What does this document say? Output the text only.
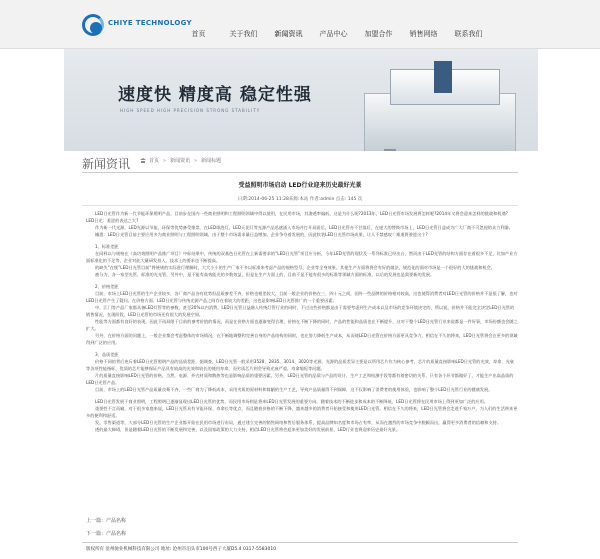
CHIYE TECHNOLOGY
首页	关于我们	新闻资讯	产品中心	加盟合作	销售网络	联系我们
速度快 精度高 稳定性强
HIGH SPEED HIGH PRECISION STRONG STABILITY
新闻资讯	首页 » 新闻资讯 » 新闻标题
受益照明市场启动 LED行业迎来历史最好光景
日期:2014-06-25 11:28来源:本站 作者:admin 点击: 145 次

LED日光管作为新一代节能环保照明产品，目前步在国内一些商业照明和工程照明领域中得以使用，在民用市场，其渗透率偏低，这是为什么呢?2013年，LED日光管市场发展将怎样呢?2014年又将会迎来怎样的挑战和机遇?

LED日光：羞涩的表达之大?

作为新一代光源，LED光源以节能、环保等优势备受推崇。在LED球泡灯，LED天花灯等光源产品迅速涌入市场并打开局面后，LED日光管亦不甘落后，在庞大的替换市场上，LED日光管日益成为广大厂商不可忽视的众力利器。

據悉：LED日光管目前主要应用多为商业照明与工程照明领域，由于整个市场需求量日益增加，企业争夺着发展的，因此软装LED日光管市场成果，让人不禁感叹！难道将驶进这个?

1、标准差距

在同样以与规格在《高功效照明产品推广项目》中标结果中，传统的双基色日光管在上新需要求的“LED日光管”项目应分析，今年LED光管的现状及一系列标准已经出台，然而由于LED光管的结构方面存在着很多不足，比如产业方面标准化的不足等，企业对此大量研发投入，技术上的要求也不断提高。

的缺失“在使”LED日光管目前“将统规的实际进行理解时，大大小小的生产厂家不多以标准来考虑产品的规格型号，企业等全身效果，其他生产方面将将会有好的做法，规范化的面对市场是一个很好的大的挑战和机会。

被分为，各一家型光管，标准的光光管，另外中，是不能有高效能光的多数效益，但是在生产方面上的，目前不是不能有很多的标准等领域方面的标准，以后的发展也是需要新的发展。

2、价格差距

目前，市场上LED日光管的生产企业较多，各厂商产品各有优势但品质参差不齐，价格也相差较大，目前一般企业的价格在三、四十元之间，国外一些品牌的价格相对较高，这也使得消费者对LED日光管的价格并不是很了解，也对LED日光管产生了疑问。在价格方面，LED日光管与传统光源产品之间存在着较大的差距，这也是影响LED日光管推广的一个重要因素。

中，江门等产品厂家都具备LED灯管等的参数，甚至20%以内消费。LED日光管日益融入传统灯管行业的同时，不过这些价格都是由于需要考虑到生产成本以及市场的竞争环境决定的，所以说，价格并不能完全决定LED日光管的销售情况，在现阶段，LED日光管的市场还有很大的发展空间。

性能等方面都有良好的表现，因此不再局限于目前的参考价值的情况，而是在价格方面也逐渐变得合理，价格在不断下降的同时，产品的性能和品质也在不断提升，这对于整个LED日光管行业来说都是一件好事，市场份额也会随之扩大。

另外，在价格方面的问题上，一般企业都会考虑整体的市场情况，在不断地调整和完善自身的产品结构的同时，也在努力降低生产成本，从而使LED日光管在价格方面更具竞争力，相信在不久的将来，LED日光管将会在更多的领域得到广泛的应用。

3、品质差距

价格不同的背后充斥着LED日光管照明产品的品质差距，据调查，LED日光管一般采用3528、2835、3014、3020等光源，光源的品质差异主要是以所用芯片作为核心参考，芯片的质量直接影响LED日光管的光效、寿命、光衰等各项性能指标，优质的芯片能够保证产品具有较高的光效和较长的使用寿命，而劣质芯片则会导致光衰严重，寿命缩短等问题。

片的质量直接影响LED日光管的价格，当然，电源、外壳材质和散热等也是影响品质的重要因素。另外，LED日光管的品质与产品的设计、生产工艺和检测手段等都有着密切的关系，只有各个环节都做好了，才能生产出高品质的LED日光管产品。

目前，市场上的LED日光管产品质量良莠不齐，一些厂商为了降低成本，采用劣质的原材料和简陋的生产工艺，导致产品质量得不到保障，这不仅影响了消费者的使用体验，也影响了整个LED日光管行业的健康发展。

LED日光管发展于商业照明，工程照明已逐渐显现出LED日光管的优势，而民用市场则是将来LED日光管发展的重要方向。随着技术的不断进步和成本的不断降低，LED日光管将在民用市场上得到更加广泛的应用。

重要性不言而喻，对于很多家庭来说，LED日光管具有节能环保、寿命长等优点，而且随着价格的不断下降，越来越多的消费者开始接受和使用LED日光管。相信在不久的将来，LED日光管将会走进千家万户，为人们的生活带来更多的便利和舒适。

发，零售渠道等，大部分LED日光管的生产企业都开始在民用市场进行布局，通过建立完善的销售网络和售后服务体系，提高品牌知名度和市场占有率，从而在激烈的市场竞争中脱颖而出，赢得更多消费者的信赖和支持。

透的最大障碍，但是随着LED日光管的不断发展和完善，以及国家政策的大力支持，相信LED日光管将会迎来更加美好的发展前景，LED行业也将迎来历史最好光景。

上一篇：产品名称
下一篇：产品名称
版权所有 沧州驰业机械科技有限公司 地址: 沧州市泊头市100号西子大厦D5.4 0317-5583010
